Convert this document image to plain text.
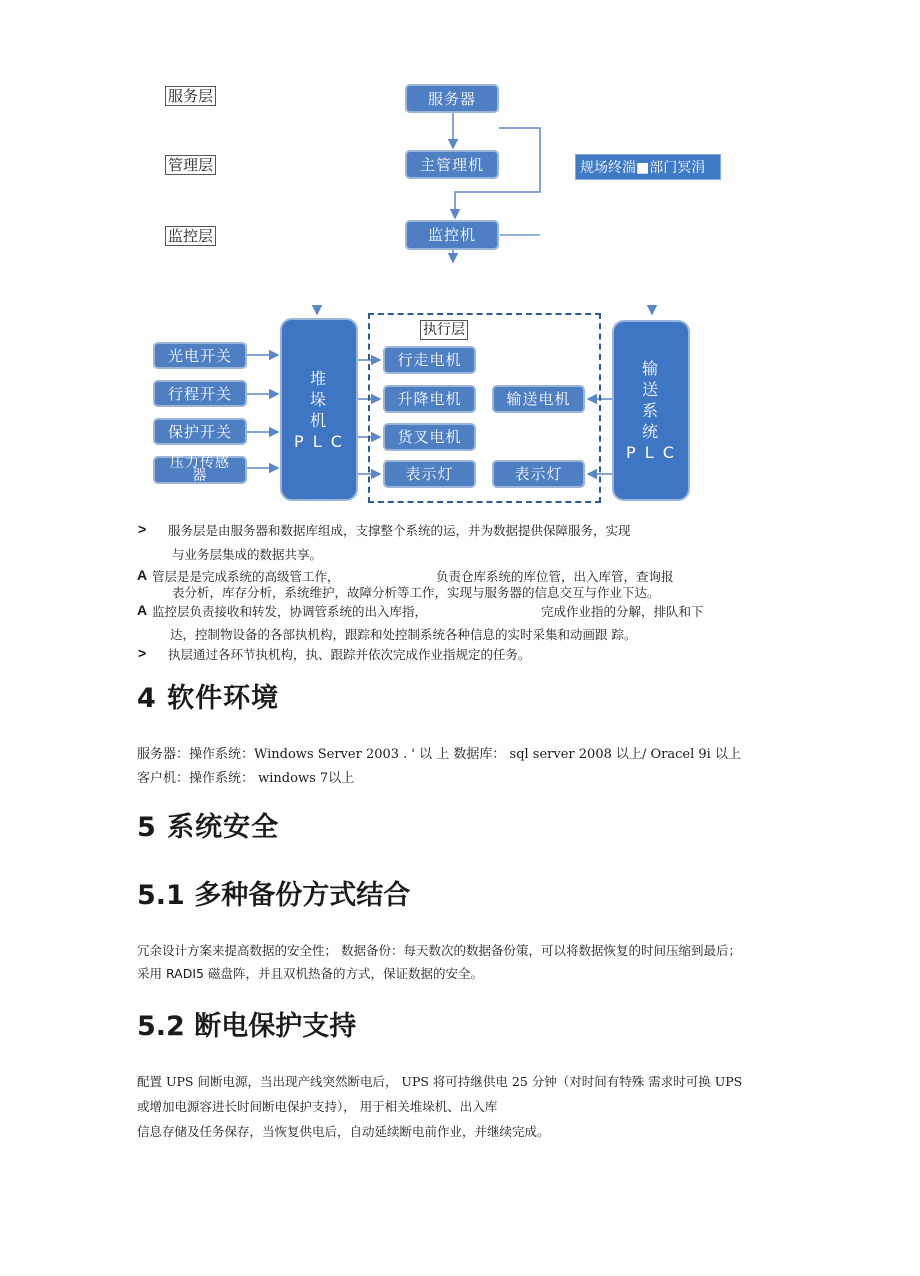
服务层
管理层
监控层
服务器
主管理机
监控机
规场终湍■部门冥涓
光电开关
行程开关
保护开关
压力传感器
堆
垛
机
P L C
输
送
系
统
P L C
执行层
行走电机
升降电机
货叉电机
表示灯
输送电机
表示灯
> 服务层是由服务器和数据库组成，支撑整个系统的运，并为数据提供保障服务，实现
与业务层集成的数据共享。
A 管层是是完成系统的高级管工作，	负责仓库系统的库位管，出入库管，查询报
表分析，库存分析，系统维护，故障分析等工作，实现与服务器的信息交互与作业下达。
A 监控层负责接收和转发，协调管系统的出入库指，	完成作业指的分解，排队和下
达，控制物设备的各部执机构，跟踪和处控制系统各种信息的实时采集和动画跟 踪。
> 执层通过各环节执机构，执、跟踪并依次完成作业指规定的任务。
4 软件环境
服务器：操作系统：Windows Server 2003 . ' 以 上 数据库： sql server 2008 以上/ Oracel 9i 以上
客户机：操作系统： windows 7以上
5 系统安全
5.1 多种备份方式结合
冗余设计方案来提高数据的安全性； 数据备份：每天数次的数据备份策，可以将数据恢复的时间压缩到最后；
采用 RADI5 磁盘阵，并且双机热备的方式，保证数据的安全。
5.2 断电保护支持
配置 UPS 间断电源，当出现产线突然断电后， UPS 将可持继供电 25 分钟（对时间有特殊 需求时可换 UPS
或增加电源容进长时间断电保护支持）， 用于相关堆垛机、出入库
信息存储及任务保存，当恢复供电后，自动延续断电前作业，并继续完成。
